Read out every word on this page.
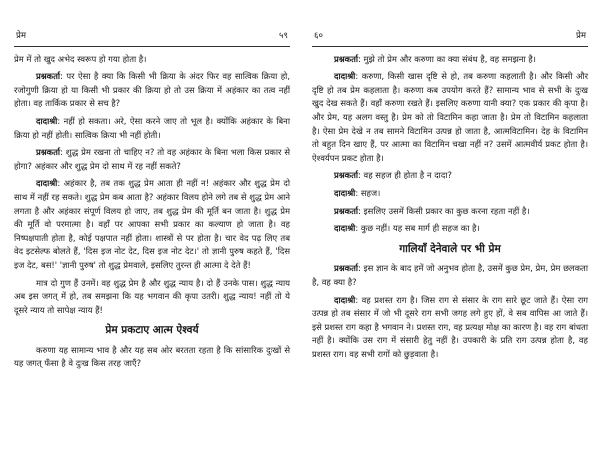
प्रेम	५९

प्रेम में तो खुद अभेद स्वरूप हो गया होता है।

प्रश्नकर्ता: पर ऐसा है क्या कि किसी भी क्रिया के अंदर फिर वह सात्विक क्रिया हो, रजोगुणी क्रिया हो या किसी भी प्रकार की क्रिया हो तो उस क्रिया में अहंकार का तत्व नहीं होता। वह तार्किक प्रकार से सच है?

दादाश्री: नहीं हो सकता। अरे, ऐसा करने जाए तो भूल है। क्योंकि अहंकार के बिना क्रिया हो नहीं होती। सात्विक क्रिया भी नहीं होती।

प्रश्नकर्ता: शुद्ध प्रेम रखना तो चाहिए न? तो वह अहंकार के बिना भला किस प्रकार से होगा? अहंकार और शुद्ध प्रेम दो साथ में रह नहीं सकते?

दादाश्री: अहंकार है, तब तक शुद्ध प्रेम आता ही नहीं न! अहंकार और शुद्ध प्रेम दो साथ में नहीं रह सकते। शुद्ध प्रेम कब आता है? अहंकार विलय होने लगे तब से शुद्ध प्रेम आने लगता है और अहंकार संपूर्ण विलय हो जाए, तब शुद्ध प्रेम की मूर्ति बन जाता है। शुद्ध प्रेम की मूर्ति वो परमात्मा है। वहाँ पर आपका सभी प्रकार का कल्याण हो जाता है। वह निष्पक्षपाती होता है, कोई पक्षपात नहीं होता। शास्त्रों से पर होता है। चार वेद पढ़ लिए तब वेद इटसेल्फ बोलते हैं, 'दिस इज नोट देट, दिस इज नोट देट।' तो ज्ञानी पुरुष कहते हैं, 'दिस इज देट, बस!' 'ज्ञानी पुरुष' तो शुद्ध प्रेमवाले, इसलिए तुरन्त ही आत्मा दे देते हैं!

मात्र दो गुण हैं उनमें। वह शुद्ध प्रेम है और शुद्ध न्याय है। दो हैं उनके पास। शुद्ध न्याय अब इस जगत् में हो, तब समझना कि यह भगवान की कृपा उतरी। शुद्ध न्याय! नहीं तो ये दूसरे न्याय तो सापेक्ष न्याय हैं!

प्रेम प्रकटाए आत्म ऐश्वर्य

करुणा यह सामान्य भाव है और यह सब ओर बरतता रहता है कि सांसारिक दुःखों से यह जगत् फँसा है वे दुःख किस तरह जाएँ?

६०	प्रेम

प्रश्नकर्ता: मुझे तो प्रेम और करुणा का क्या संबंध है, वह समझना है।

दादाश्री: करुणा, किसी खास दृष्टि से हो, तब करुणा कहलाती है। और किसी और दृष्टि हो तब प्रेम कहलाता है। करुणा कब उपयोग करते हैं? सामान्य भाव से सभी के दुःख खुद देख सकते हैं। वहाँ करुणा रखते हैं। इसलिए करुणा यानी क्या? एक प्रकार की कृपा है। और प्रेम, यह अलग वस्तु है। प्रेम को तो विटामिन कहा जाता है। प्रेम तो विटामिन कहलाता है। ऐसा प्रेम देखे न तब सामने विटामिन उत्पन्न हो जाता है, आत्मविटामिन। देह के विटामिन तो बहुत दिन खाए हैं, पर आत्मा का विटामिन चखा नहीं न? उसमें आत्मवीर्य प्रकट होता है। ऐश्वर्यपन प्रकट होता है।

प्रश्नकर्ता: वह सहज ही होता है न दादा?

दादाश्री: सहज।

प्रश्नकर्ता: इसलिए उसमें किसी प्रकार का कुछ करना रहता नहीं है।

दादाश्री: कुछ नहीं। यह सब मार्ग ही सहज का है।

गालियाँ देनेवाले पर भी प्रेम

प्रश्नकर्ता: इस ज्ञान के बाद हमें जो अनुभव होता है, उसमें कुछ प्रेम, प्रेम, प्रेम छलकता है, वह क्या है?

दादाश्री: वह प्रशस्त राग है। जिस राग से संसार के राग सारे छूट जाते हैं। ऐसा राग उत्पन्न हो तब संसार में जो भी दूसरे राग सभी जगह लगे हुए हों, वे सब वापिस आ जाते हैं। इसे प्रशस्त राग कहा है भगवान ने। प्रशस्त राग, वह प्रत्यक्ष मोक्ष का कारण है। वह राग बांधता नहीं है। क्योंकि उस राग में संसारी हेतु नहीं है। उपकारी के प्रति राग उत्पन्न होता है, वह प्रशस्त राग। वह सभी रागों को छुड़वाता है।
